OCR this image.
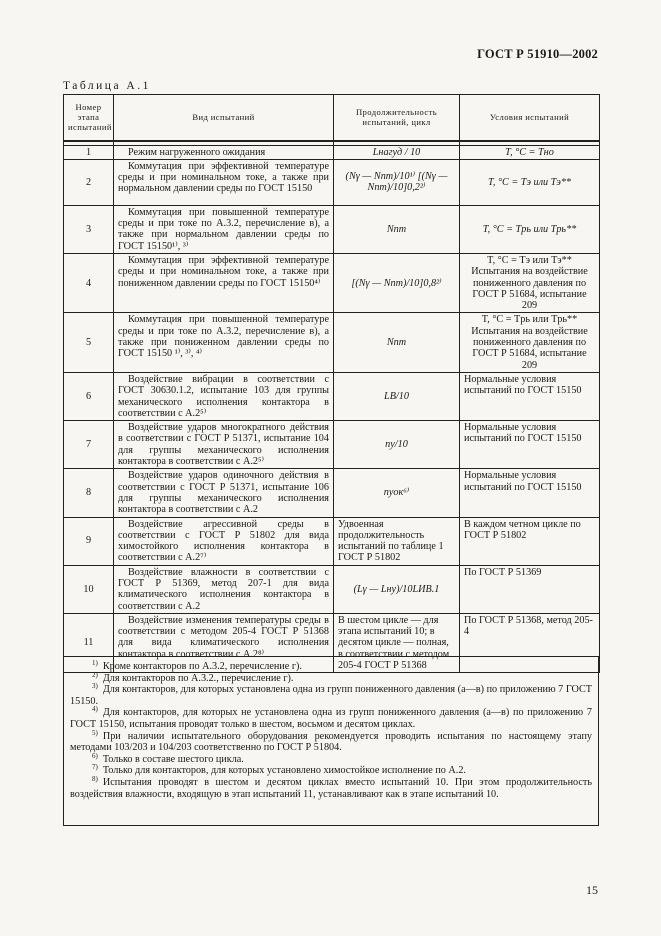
ГОСТ Р 51910—2002
Таблица А.1
Номер этапа испытаний	Вид испытаний	Продолжительность испытаний, цикл	Условия испытаний

1	Режим нагруженного ожидания	Lнагуд / 10	T, °С = Tно
2	Коммутация при эффективной температуре среды и при номинальном токе, а также при нормальном давлении среды по ГОСТ 15150	(Nγ — Nпт)/10¹⁾ [(Nγ — Nпт)/10]0,2²⁾	T, °С = Tэ или Tэ**
3	Коммутация при повышенной температуре среды и при токе по А.3.2, перечисление в), а также при нормальном давлении среды по ГОСТ 15150¹⁾, ³⁾	Nпт	T, °С = Tрь или Tрь**
4	Коммутация при эффективной температуре среды и при номинальном токе, а также при пониженном давлении среды по ГОСТ 15150⁴⁾	[(Nγ — Nпт)/10]0,8²⁾	T, °С = Tэ или Tэ** Испытания на воздействие пониженного давления по ГОСТ Р 51684, испытание 209
5	Коммутация при повышенной температуре среды и при токе по А.3.2, перечисление в), а также при пониженном давлении среды по ГОСТ 15150 ¹⁾, ³⁾, ⁴⁾	Nпт	T, °С = Tрь или Tрь** Испытания на воздействие пониженного давления по ГОСТ Р 51684, испытание 209
6	Воздействие вибрации в соответствии с ГОСТ 30630.1.2, испытание 103 для группы механического исполнения контактора в соответствии с А.2⁵⁾	LВ/10	Нормальные условия испытаний по ГОСТ 15150
7	Воздействие ударов многократного действия в соответствии с ГОСТ Р 51371, испытание 104 для группы механического исполнения контактора в соответствии с А.2⁵⁾	nу/10	Нормальные условия испытаний по ГОСТ 15150
8	Воздействие ударов одиночного действия в соответствии с ГОСТ Р 51371, испытание 106 для группы механического исполнения контактора в соответствии с А.2	nуок⁶⁾	Нормальные условия испытаний по ГОСТ 15150
9	Воздействие агрессивной среды в соответствии с ГОСТ Р 51802 для вида химостойкого исполнения контактора в соответствии с А.2⁷⁾	Удвоенная продолжительность испытаний по таблице 1 ГОСТ Р 51802	В каждом четном цикле по ГОСТ Р 51802
10	Воздействие влажности в соответствии с ГОСТ Р 51369, метод 207-1 для вида климатического исполнения контактора в соответствии с А.2	(Lγ — Lну)/10LИВ.1	По ГОСТ Р 51369
11	Воздействие изменения температуры среды в соответствии с методом 205-4 ГОСТ Р 51368 для вида климатического исполнения контактора в соответствии с А.2⁸⁾	В шестом цикле — для этапа испытаний 10; в десятом цикле — полная, в соответствии с методом 205-4 ГОСТ Р 51368	По ГОСТ Р 51368, метод 205-4
$^{1)}$ Кроме контакторов по А.3.2, перечисление г).
$^{2)}$ Для контакторов по А.3.2., перечисление г).
$^{3)}$ Для контакторов, для которых установлена одна из групп пониженного давления (а—в) по приложению 7 ГОСТ 15150.
$^{4)}$ Для контакторов, для которых не установлена одна из групп пониженного давления (а—в) по приложению 7 ГОСТ 15150, испытания проводят только в шестом, восьмом и десятом циклах.
$^{5)}$ При наличии испытательного оборудования рекомендуется проводить испытания по настоящему этапу методами 103/203 и 104/203 соответственно по ГОСТ Р 51804.
$^{6)}$ Только в составе шестого цикла.
$^{7)}$ Только для контакторов, для которых установлено химостойкое исполнение по А.2.
$^{8)}$ Испытания проводят в шестом и десятом циклах вместо испытаний 10. При этом продолжительность воздействия влажности, входящую в этап испытаний 11, устанавливают как в этапе испытаний 10.
15
